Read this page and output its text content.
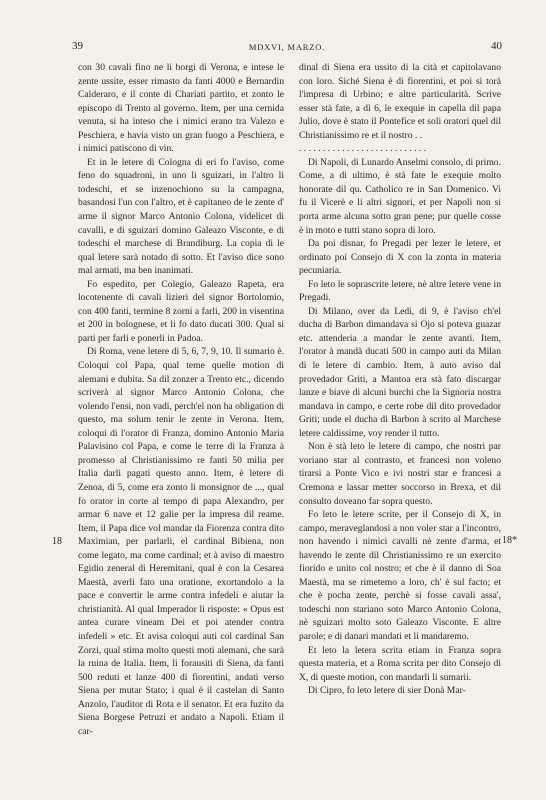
39	MDXVI, MARZO.	40

con 30 cavali fino ne li borgi di Verona, e intese le zente ussite, esser rimasto da fanti 4000 e Bernardin Calderaro, e il conte di Chariati partito, et zonto le episcopo di Trento al governo. Item, per una cernida venuta, si ha inteso che i nimici erano tra Valezo e Peschiera, e havia visto un gran fuogo a Peschiera, e i nimici patiscono di vin.

Et in le letere di Cologna di eri fo l'aviso, come feno do squadroni, in uno li sguizari, in l'altro li todeschi, et se inzenochiono su la campagna, basandosi l'un con l'altro, et è capitaneo de le zente d' arme il signor Marco Antonio Colona, videlicet di cavalli, e di sguizari domino Galeazo Visconte, e di todeschi el marchese di Brandiburg. La copia di le qual letere sarà notado di sotto. Et l'aviso dice sono mal armati, ma ben inanimati.

Fo espedito, per Colegio, Galeazo Rapeta, era locotenente di cavali lizieri del signor Bortolomio, con 400 fanti, termine 8 zorni a farli, 200 in visentina et 200 in bolognese, et li fo dato ducati 300. Qual si parti per farli e ponerli in Padoa.

Di Roma, vene letere di 5, 6, 7, 9, 10. Il sumario è. Coloqui col Papa, qual teme quelle motion di alemani e dubita. Sa dil zonzer a Trento etc., dicendo scriverà al signor Marco Antonio Colona, che volendo l'ensi, non vadi, perch'el non ha obligation di questo, ma solum tenir le zente in Verona. Item, coloqui di l'orator di Franza, domino Antonio Maria Palavisino col Papa, e come le terre di la Franza à promesso al Christianissimo re fanti 50 milia per Italia darli pagati questo anno. Item, è letere di Zenoa, di 5, come era zonto li monsignor de ..., qual fo orator in corte al tempo di papa Alexandro, per armar 6 nave et 12 galie per la impresa dil reame. Item, il Papa dice vol mandar da Fiorenza contra dito Maximian, per parlarli, el cardinal Bibiena, non come legato, ma come cardinal; et à aviso di maestro Egidio zeneral di Heremitani, qual è con la Cesarea Maestà, averli fato una oratione, exortandolo a la pace e convertir le arme contra infedeli e aiutar la christianità. Al qual Imperador li risposte: « Opus est antea curare vineam Dei et poi atender contra infedeli » etc. Et avisa coloqui auti col cardinal San Zorzi, qual stima molto questi moti alemani, che sarà la ruina de Italia. Item, li forausiti di Siena, da fanti 500 reduti et lanze 400 di fiorentini, andati verso Siena per mutar Stato; i qual è il castelan di Santo Anzolo, l'auditor di Rota e il senator. Et era fuzito da Siena Borgese Petruzi et andato a Napoli. Etiam il car-

dinal di Siena era ussito di la cità et capitolavano con loro. Siché Siena è di fiorentini, et poi si torà l'impresa di Urbino; e altre particularità. Scrive esser stà fate, a dì 6, le exequie in capella dil papa Julio, dove è stato il Pontefice et soli oratori quel dil Christianissimo re et il nostro . .

. . . . . . . . . . . . . . . . . . . . . . . . . . .

Di Napoli, di Lunardo Anselmi consolo, di primo. Come, a dì ultimo, è stà fate le exequie molto honorate dil qu. Catholico re in San Domenico. Vi fu il Vicerè e li altri signori, et per Napoli non si porta arme alcuna sotto gran pene; pur quelle cosse è in moto e tutti stano sopra di loro.

Da poi disnar, fo Pregadi per lezer le letere, et ordinato poi Consejo di X con la zonta in materia pecuniaria.

Fo leto le soprascrite letere, nè altre letere vene in Pregadi.

Di Milano, over da Ledi, di 9, è l'aviso ch'el ducha di Barbon dimandava si Ojo si poteva guazar etc. attenderia a mandar le zente avanti. Item, l'orator à mandà ducati 500 in campo auti da Milan di le letere di cambio. Item, à auto aviso dal provedador Griti, a Mantoa era stà fato discargar lanze e biave di alcuni burchi che la Signoria nostra mandava in campo, e certe robe dil dito provedador Griti; unde el ducha di Barbon à scrito al Marchese letere caldissime, voy render il tutto.

Non è stà leto le letere di campo, che nostri par voriano star al contrasto, et francesi non voleno tirarsi a Ponte Vico e ivi nostri star e francesi a Cremona e lassar metter soccorso in Brexa, et dil consulto doveano far sopra questo.

Fo leto le letere scrite, per il Consejo di X, in campo, meraveglandosi a non voler star a l'incontro, non havendo i nimici cavalli nè zente d'arma, et havendo le zente dil Christianissimo re un exercito fiorido e unito col nostro; et che è il danno di Soa Maestà, ma se rimetemo a loro, ch' è sul facto; et che è pocha zente, perchè si fosse cavali assa', todeschi non stariano soto Marco Antonio Colona, nè sguizari molto soto Galeazo Visconte. E altre parole; e di danari mandati et li mandaremo.

Et leto la letera scrita etiam in Franza sopra questa materia, et a Roma scrita per dito Consejo di X, di queste motion, con mandarli li sumarii.

Di Cipro, fo leto letere di sier Donà Mar-

18	18*
